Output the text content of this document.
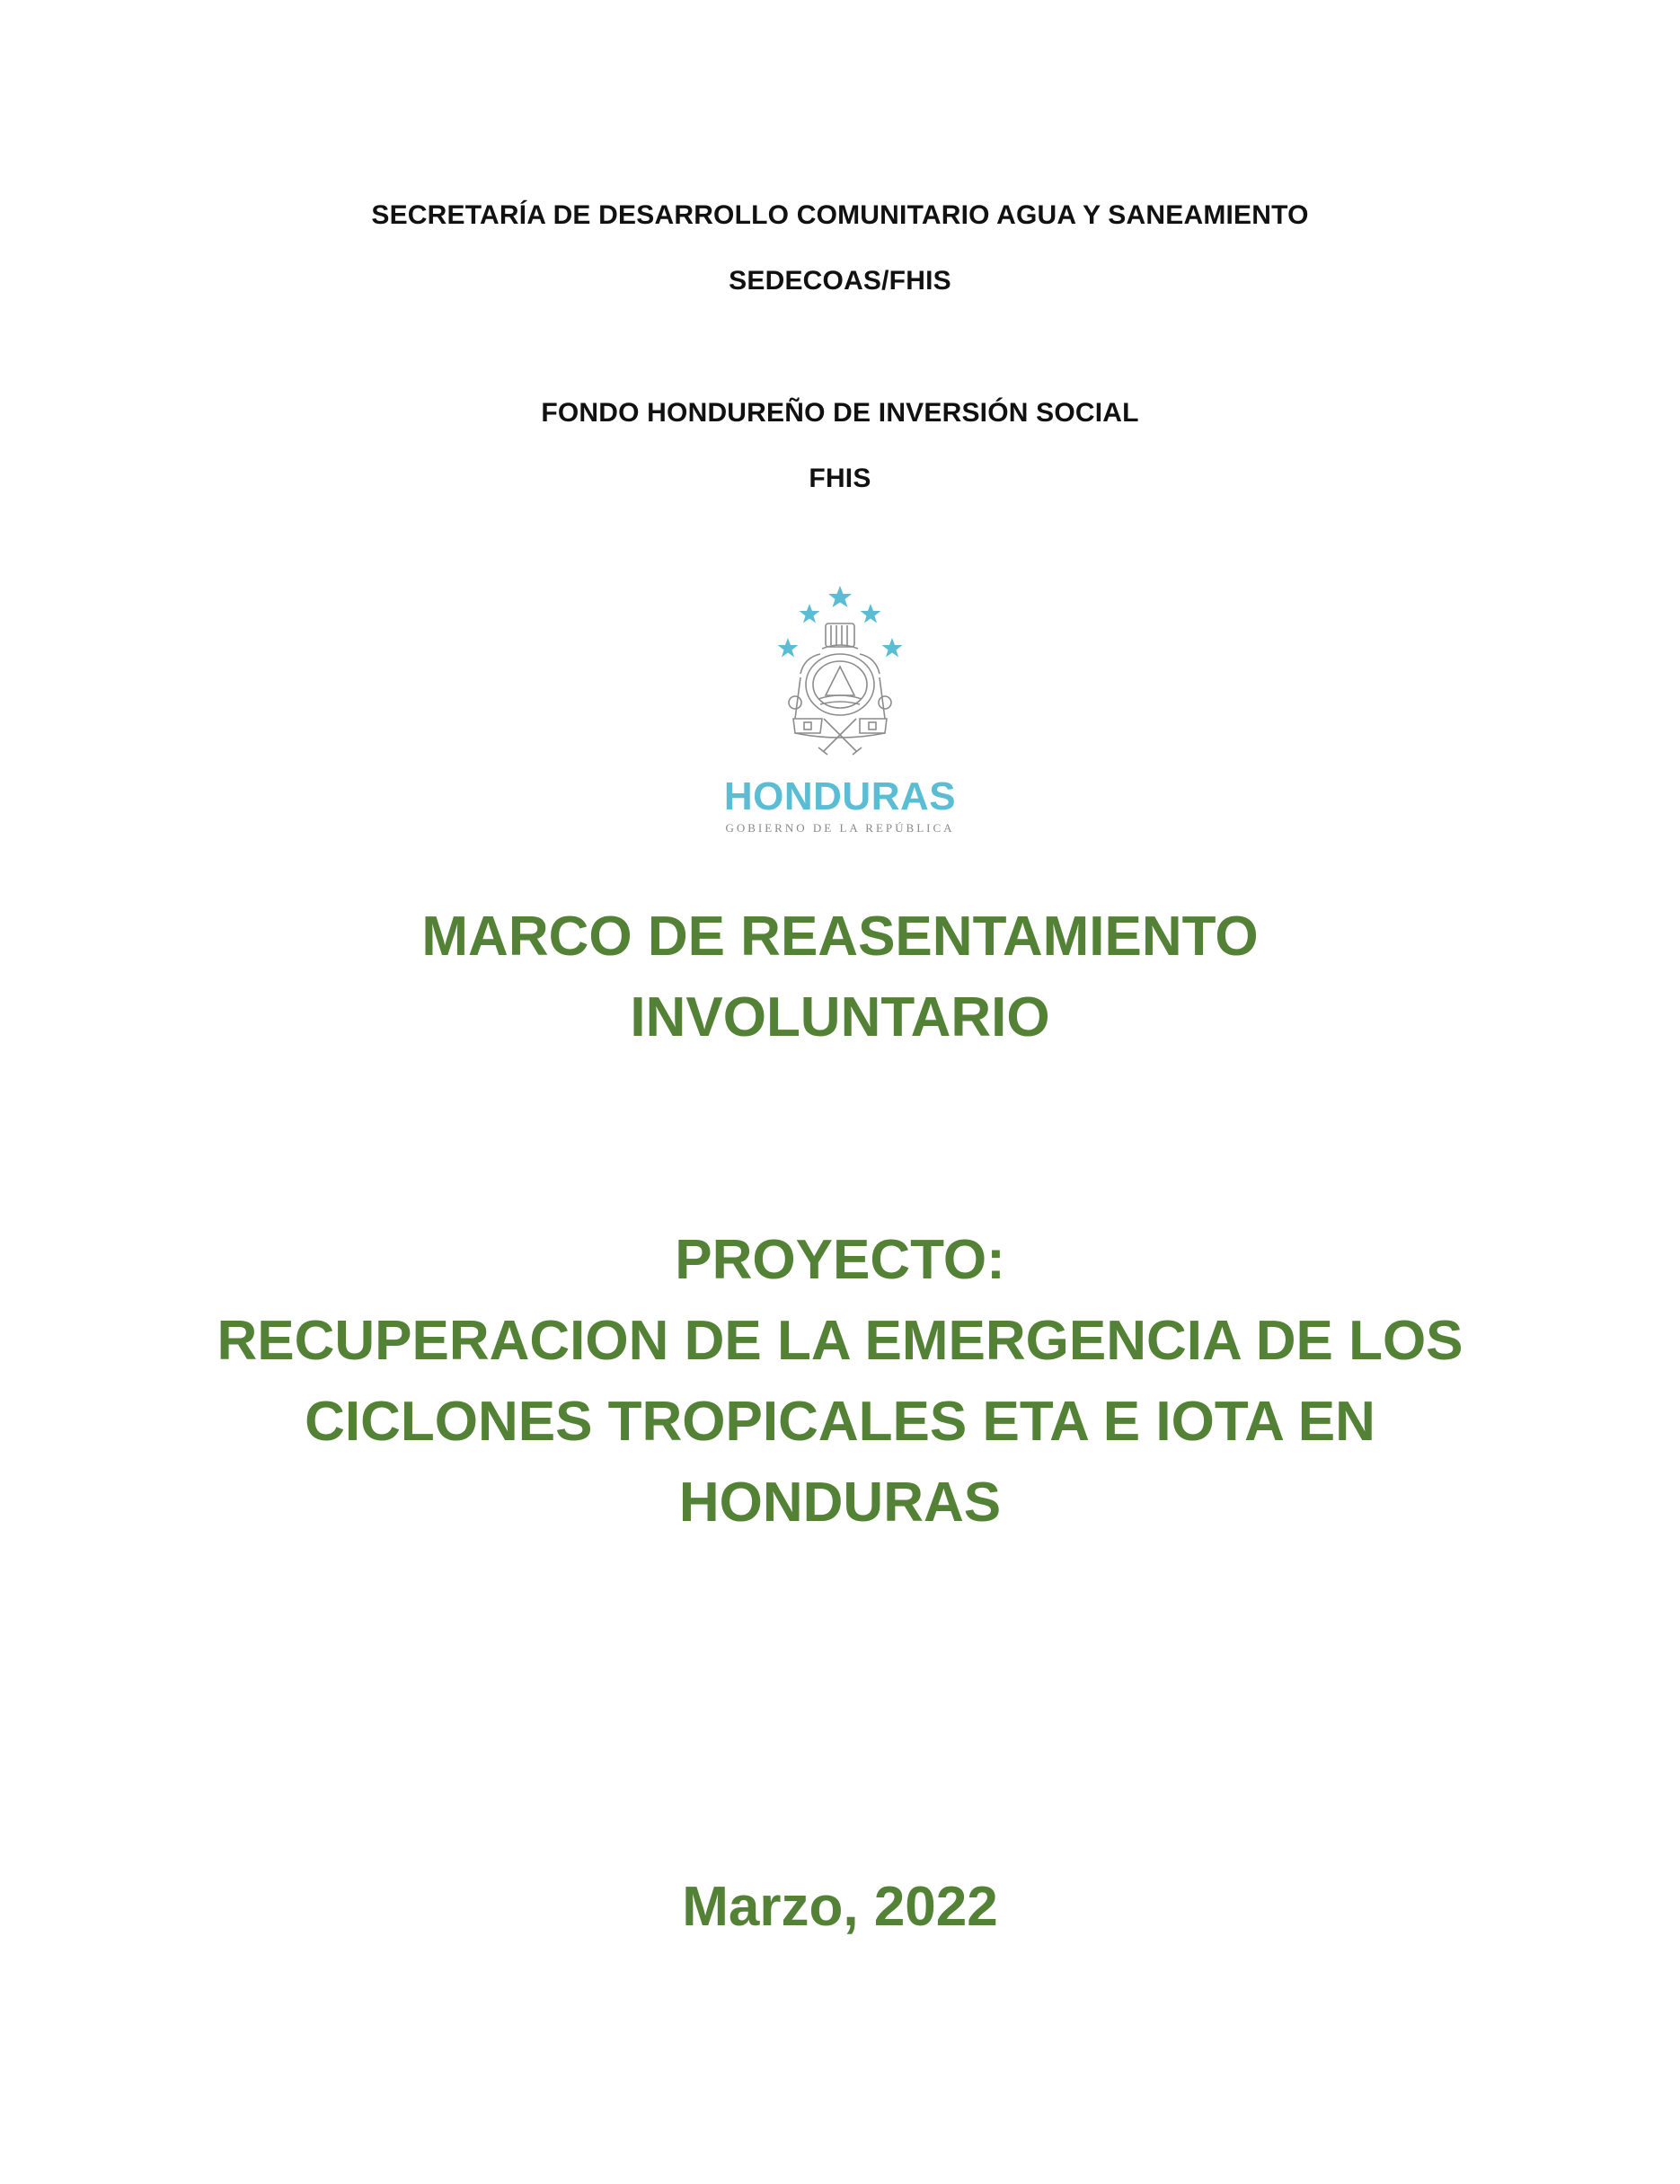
SECRETARÍA DE DESARROLLO COMUNITARIO AGUA Y SANEAMIENTO
SEDECOAS/FHIS
FONDO HONDUREÑO DE INVERSIÓN SOCIAL
FHIS
HONDURAS
GOBIERNO DE LA REPÚBLICA
MARCO DE REASENTAMIENTO
INVOLUNTARIO
PROYECTO:
RECUPERACION DE LA EMERGENCIA DE LOS
CICLONES TROPICALES ETA E IOTA EN
HONDURAS
Marzo, 2022
